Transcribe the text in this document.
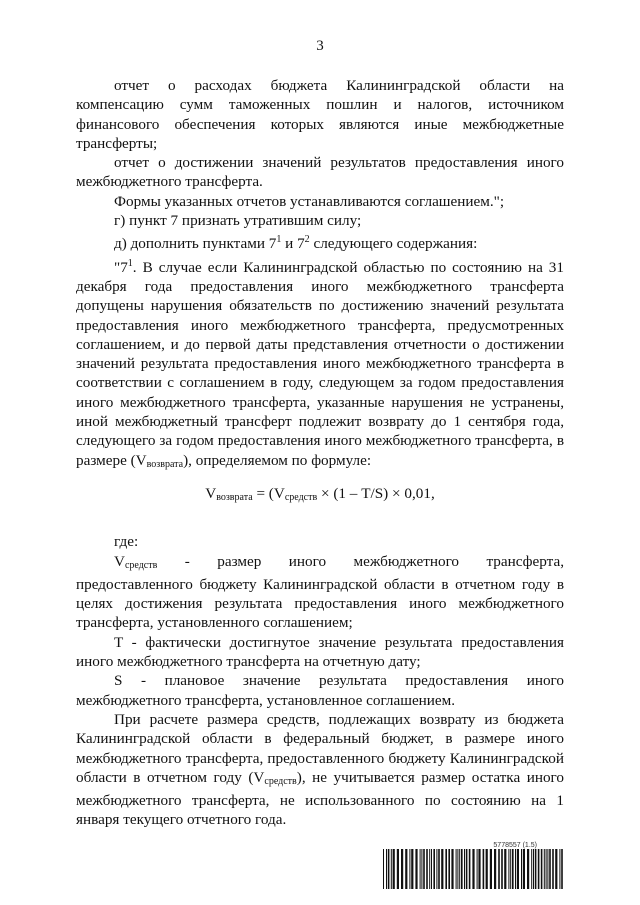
3

отчет о расходах бюджета Калининградской области на компенсацию сумм таможенных пошлин и налогов, источником финансового обеспечения которых являются иные межбюджетные трансферты;

отчет о достижении значений результатов предоставления иного межбюджетного трансферта.

Формы указанных отчетов устанавливаются соглашением.";

г) пункт 7 признать утратившим силу;

д) дополнить пунктами $7^1$ и $7^2$ следующего содержания:

"$7^1$. В случае если Калининградской областью по состоянию на 31 декабря года предоставления иного межбюджетного трансферта допущены нарушения обязательств по достижению значений результата предоставления иного межбюджетного трансферта, предусмотренных соглашением, и до первой даты представления отчетности о достижении значений результата предоставления иного межбюджетного трансферта в соответствии с соглашением в году, следующем за годом предоставления иного межбюджетного трансферта, указанные нарушения не устранены, иной межбюджетный трансферт подлежит возврату до 1 сентября года, следующего за годом предоставления иного межбюджетного трансферта, в размере $(V_{возврата})$, определяемом по формуле:

$V_{возврата} = (V_{средств} \times (1 - T/S) \times 0,01$,

где:

$V_{средств}$ - размер иного межбюджетного трансферта, предоставленного бюджету Калининградской области в отчетном году в целях достижения результата предоставления иного межбюджетного трансферта, установленного соглашением;

T - фактически достигнутое значение результата предоставления иного межбюджетного трансферта на отчетную дату;

S - плановое значение результата предоставления иного межбюджетного трансферта, установленное соглашением.

При расчете размера средств, подлежащих возврату из бюджета Калининградской области в федеральный бюджет, в размере иного межбюджетного трансферта, предоставленного бюджету Калининградской области в отчетном году $(V_{средств})$, не учитывается размер остатка иного межбюджетного трансферта, не использованного по состоянию на 1 января текущего отчетного года.

5778557 (1.5)
